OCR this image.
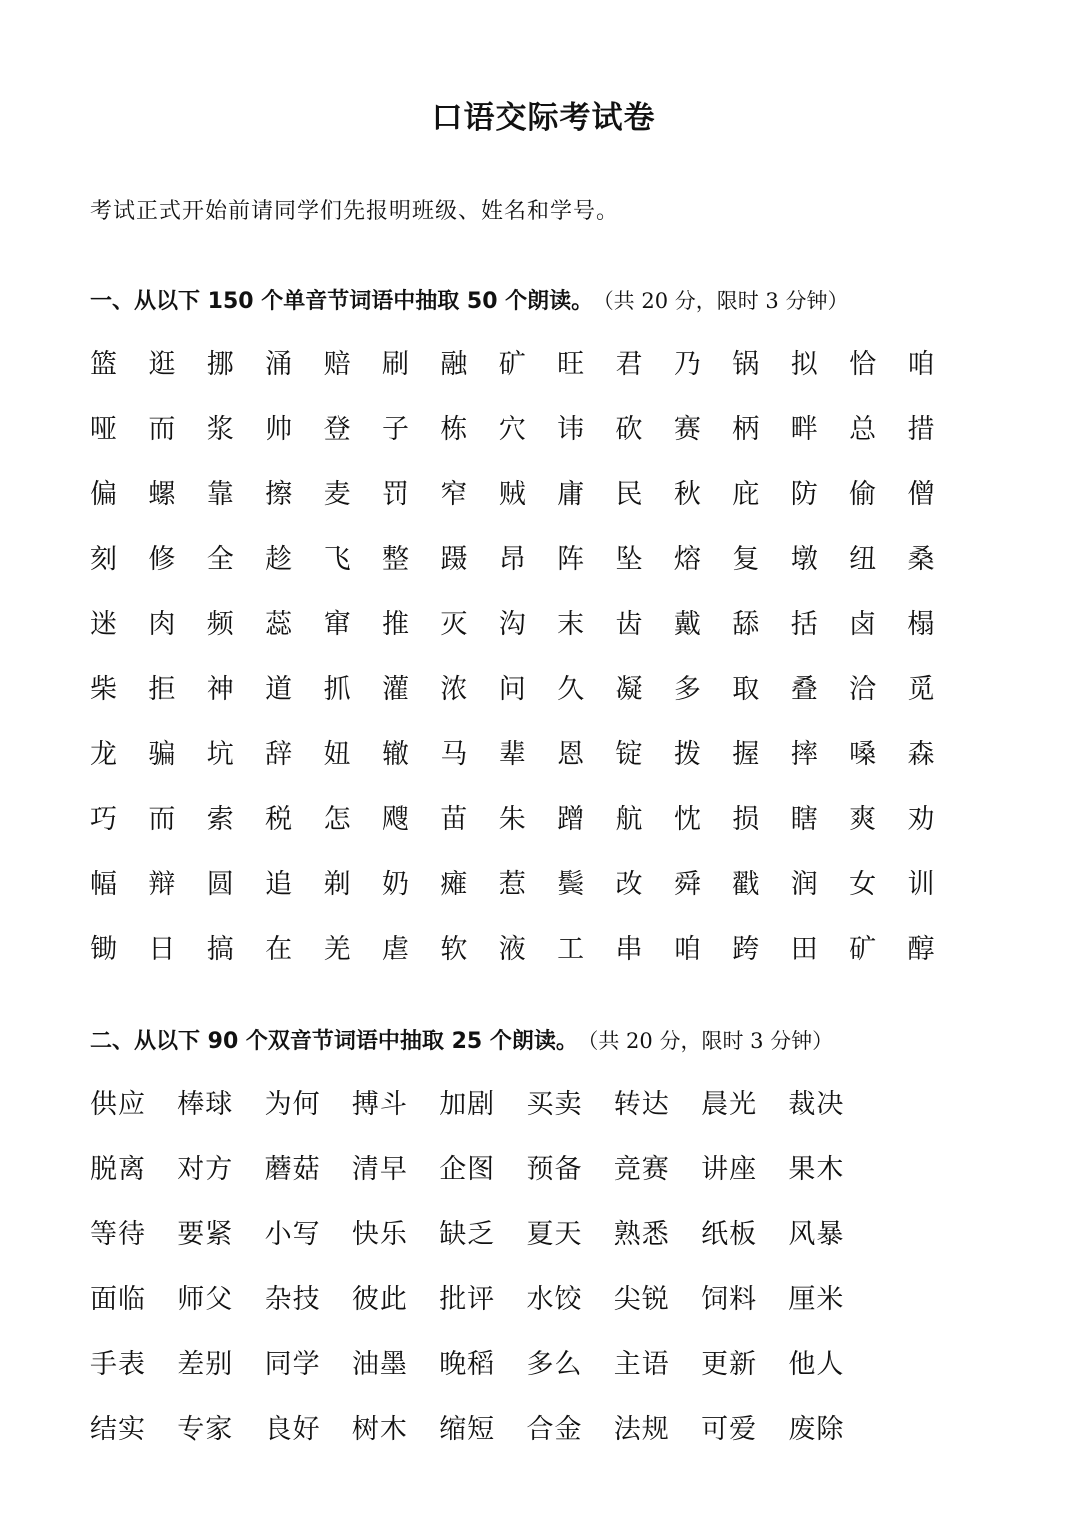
口语交际考试卷
考试正式开始前请同学们先报明班级、姓名和学号。
一、从以下 150 个单音节词语中抽取 50 个朗读。 （共 20 分，限时 3 分钟）
篮	逛	挪	涌	赔	刷	融	矿	旺	君	乃	锅	拟	恰	咱
哑	而	浆	帅	登	子	栋	穴	讳	砍	赛	柄	畔	总	措
偏	螺	靠	擦	麦	罚	窄	贼	庸	民	秋	庇	防	偷	僧
刻	修	全	趁	飞	整	蹑	昂	阵	坠	熔	复	墩	纽	桑
迷	肉	频	蕊	窜	推	灭	沟	末	齿	戴	舔	括	卤	榻
柴	拒	神	道	抓	灌	浓	问	久	凝	多	取	叠	洽	觅
龙	骗	坑	辞	妞	辙	马	辈	恩	锭	拨	握	摔	嗓	森
巧	而	索	税	怎	飕	苗	朱	蹭	航	忱	损	瞎	爽	劝
幅	辩	圆	追	剃	奶	瘫	惹	鬓	改	舜	戳	润	女	训
锄	日	搞	在	羌	虐	软	液	工	串	咱	跨	田	矿	醇
二、从以下 90 个双音节词语中抽取 25 个朗读。 （共 20 分，限时 3 分钟）
供应	棒球	为何	搏斗	加剧	买卖	转达	晨光	裁决
脱离	对方	蘑菇	清早	企图	预备	竞赛	讲座	果木
等待	要紧	小写	快乐	缺乏	夏天	熟悉	纸板	风暴
面临	师父	杂技	彼此	批评	水饺	尖锐	饲料	厘米
手表	差别	同学	油墨	晚稻	多么	主语	更新	他人
结实	专家	良好	树木	缩短	合金	法规	可爱	废除
